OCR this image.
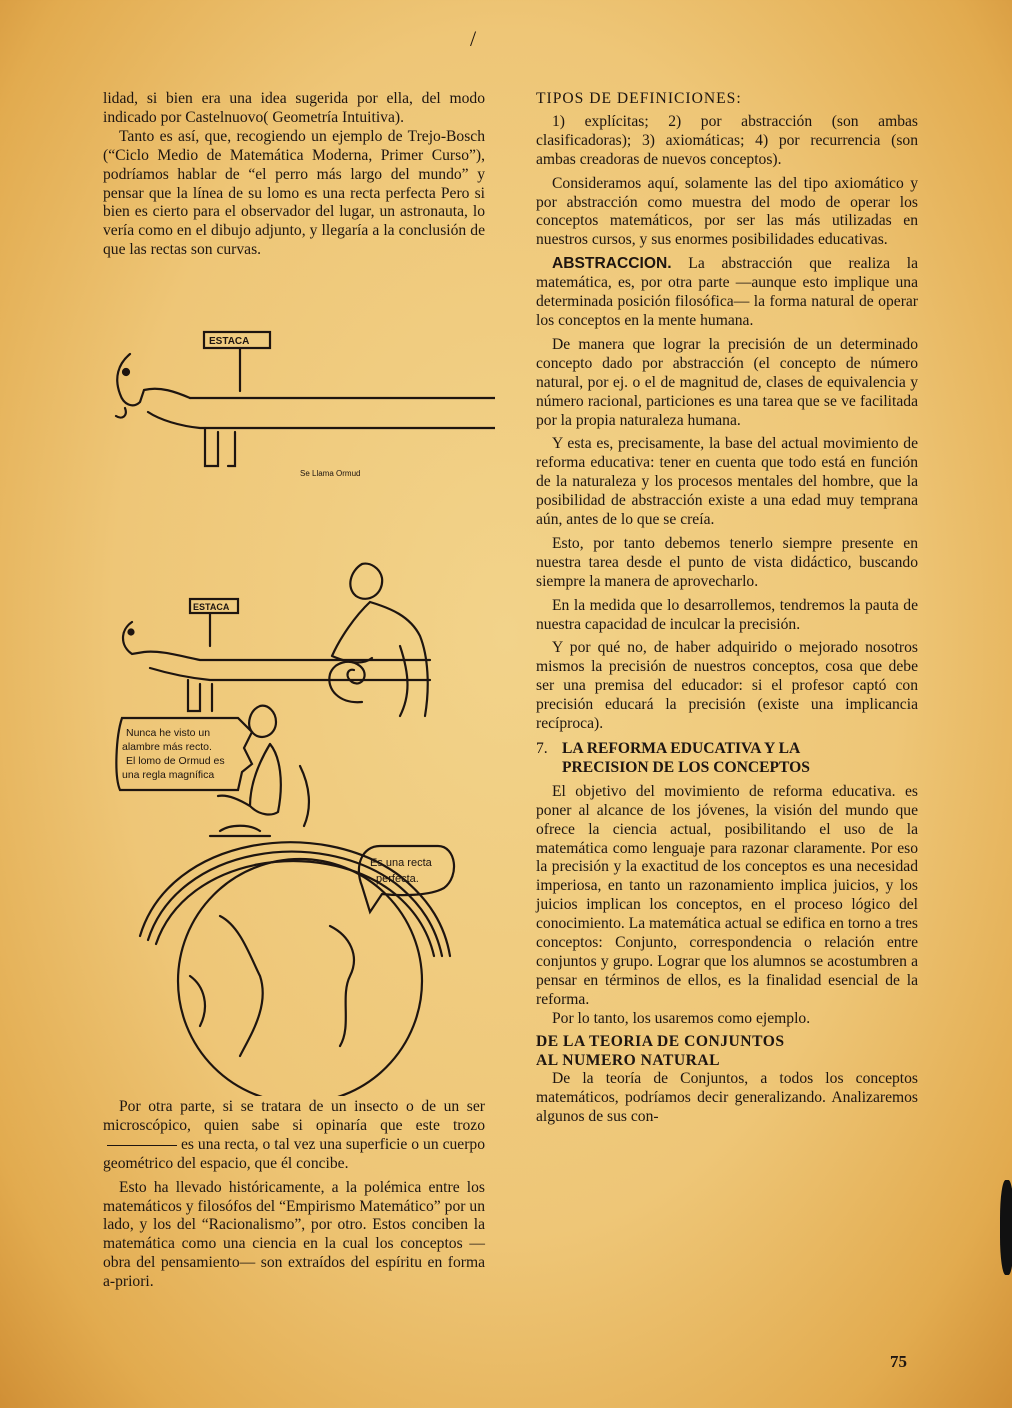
/

lidad, si bien era una idea sugerida por ella, del modo indicado por Castelnuovo( Geometría Intuitiva).

Tanto es así, que, recogiendo un ejemplo de Trejo-Bosch (“Ciclo Medio de Matemática Moderna, Primer Curso”), podríamos hablar de “el perro más largo del mundo” y pensar que la línea de su lomo es una recta perfecta Pero si bien es cierto para el observador del lugar, un astronauta, lo vería como en el dibujo adjunto, y llegaría a la conclusión de que las rectas son curvas.

Se Llama Ormud
Nunca he visto un
alambre más recto.
El lomo de Ormud es
una regla magnífica
Es una recta
perfecta.
ESTACA
ESTACA

Por otra parte, si se tratara de un insecto o de un ser microscópico, quien sabe si opinaría que este trozoes una recta, o tal vez una superficie o un cuerpo geométrico del espacio, que él concibe.

Esto ha llevado históricamente, a la polémica entre los matemáticos y filosófos del “Empirismo Matemático” por un lado, y los del “Racionalismo”, por otro. Estos conciben la matemática como una ciencia en la cual los conceptos —obra del pensamiento— son extraídos del espíritu en forma a-priori.

TIPOS DE DEFINICIONES:

1) explícitas; 2) por abstracción (son ambas clasificadoras); 3) axiomáticas; 4) por recurrencia (son ambas creadoras de nuevos conceptos).

Consideramos aquí, solamente las del tipo axiomático y por abstracción como muestra del modo de operar los conceptos matemáticos, por ser las más utilizadas en nuestros cursos, y sus enormes posibilidades educativas.

ABSTRACCION. La abstracción que realiza la matemática, es, por otra parte —aunque esto implique una determinada posición filosófica— la forma natural de operar los conceptos en la mente humana.

De manera que lograr la precisión de un determinado concepto dado por abstracción (el concepto de número natural, por ej. o el de magnitud de, clases de equivalencia y número racional, particiones es una tarea que se ve facilitada por la propia naturaleza humana.

Y esta es, precisamente, la base del actual movimiento de reforma educativa: tener en cuenta que todo está en función de la naturaleza y los procesos mentales del hombre, que la posibilidad de abstracción existe a una edad muy temprana aún, antes de lo que se creía.

Esto, por tanto debemos tenerlo siempre presente en nuestra tarea desde el punto de vista didáctico, buscando siempre la manera de aprovecharlo.

En la medida que lo desarrollemos, tendremos la pauta de nuestra capacidad de inculcar la precisión.

Y por qué no, de haber adquirido o mejorado nosotros mismos la precisión de nuestros conceptos, cosa que debe ser una premisa del educador: si el profesor captó con precisión educará la precisión (existe una implicancia recíproca).

7. LA REFORMA EDUCATIVA Y LA
PRECISION DE LOS CONCEPTOS

El objetivo del movimiento de reforma educativa. es poner al alcance de los jóvenes, la visión del mundo que ofrece la ciencia actual, posibilitando el uso de la matemática como lenguaje para razonar claramente. Por eso la precisión y la exactitud de los conceptos es una necesidad imperiosa, en tanto un razonamiento implica juicios, y los juicios implican los conceptos, en el proceso lógico del conocimiento. La matemática actual se edifica en torno a tres conceptos: Conjunto, correspondencia o relación entre conjuntos y grupo. Lograr que los alumnos se acostumbren a pensar en términos de ellos, es la finalidad esencial de la reforma.

Por lo tanto, los usaremos como ejemplo.

DE LA TEORIA DE CONJUNTOS
AL NUMERO NATURAL

De la teoría de Conjuntos, a todos los conceptos matemáticos, podríamos decir generalizando. Analizaremos algunos de sus con-

75
